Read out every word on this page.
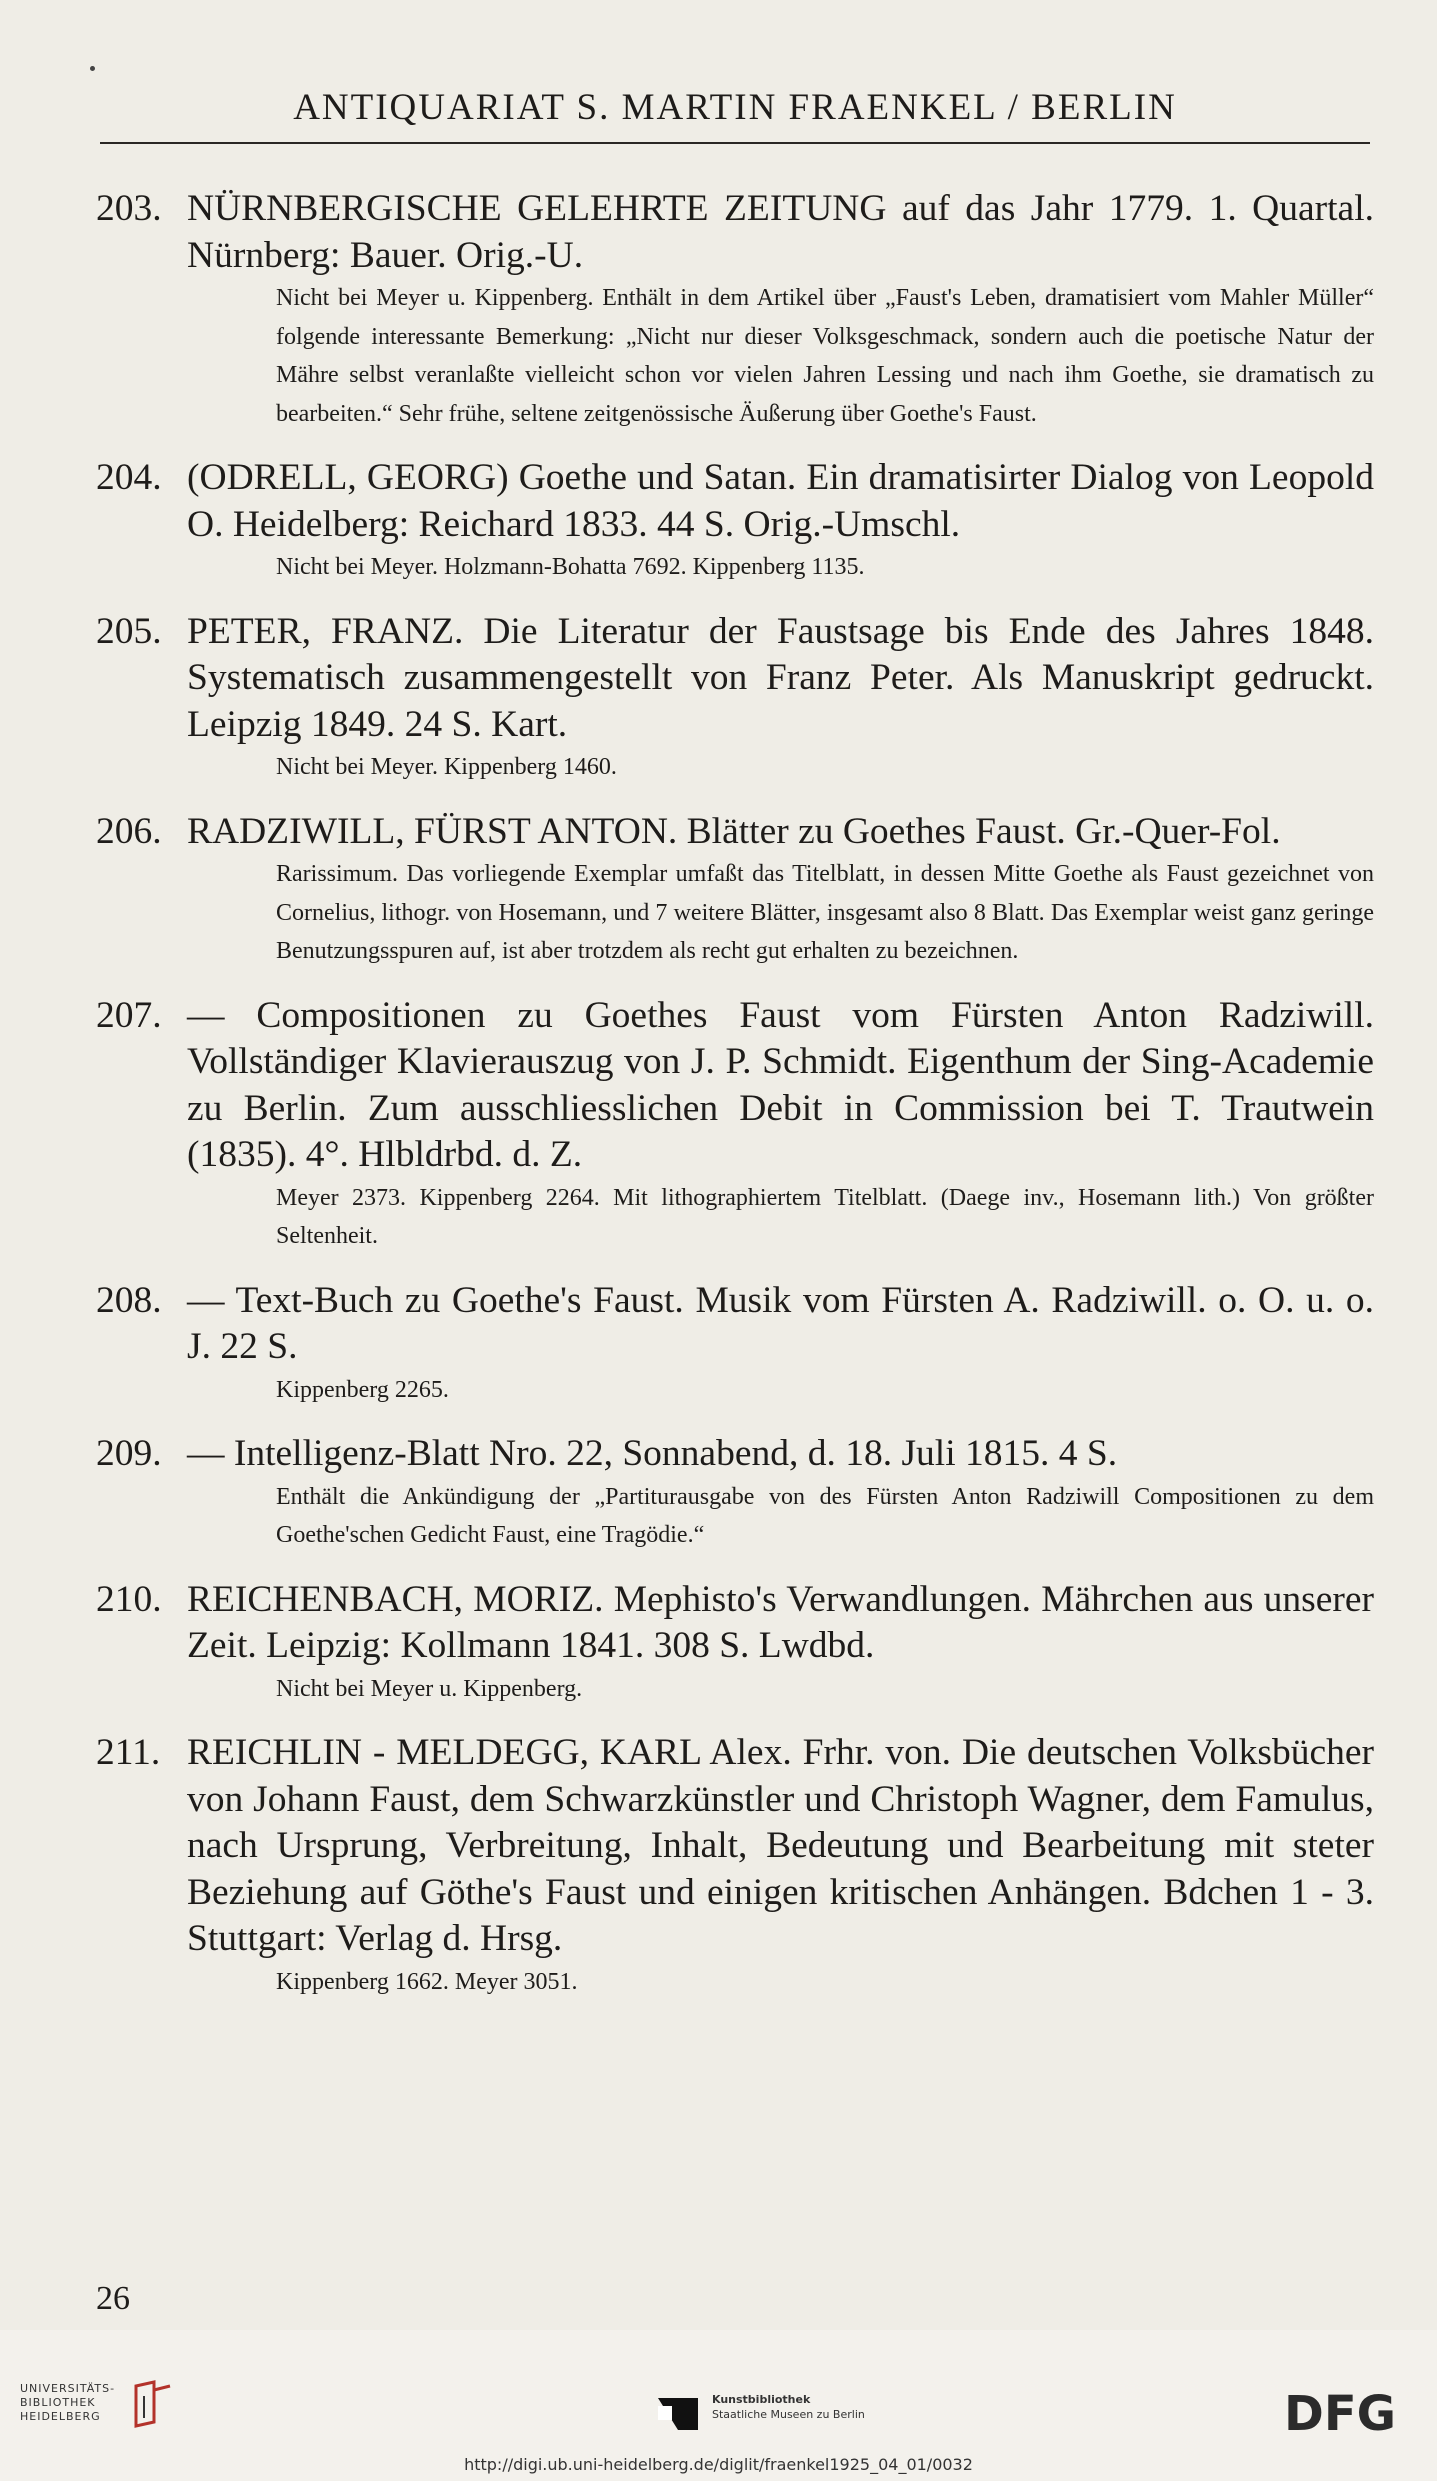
ANTIQUARIAT S. MARTIN FRAENKEL / BERLIN
203. NÜRNBERGISCHE GELEHRTE ZEITUNG auf das Jahr 1779. 1. Quartal. Nürnberg: Bauer. Orig.-U.
Nicht bei Meyer u. Kippenberg. Enthält in dem Artikel über „Faust's Leben, dramatisiert vom Mahler Müller“ folgende interessante Bemerkung: „Nicht nur dieser Volksgeschmack, sondern auch die poetische Natur der Mähre selbst veranlaßte vielleicht schon vor vielen Jahren Lessing und nach ihm Goethe, sie dramatisch zu bearbeiten.“ Sehr frühe, seltene zeitgenössische Äußerung über Goethe's Faust.
204. (ODRELL, GEORG) Goethe und Satan. Ein dramatisirter Dialog von Leopold O. Heidelberg: Reichard 1833. 44 S. Orig.-Umschl.
Nicht bei Meyer. Holzmann-Bohatta 7692. Kippenberg 1135.
205. PETER, FRANZ. Die Literatur der Faustsage bis Ende des Jahres 1848. Systematisch zusammengestellt von Franz Peter. Als Manuskript gedruckt. Leipzig 1849. 24 S. Kart.
Nicht bei Meyer. Kippenberg 1460.
206. RADZIWILL, FÜRST ANTON. Blätter zu Goethes Faust. Gr.-Quer-Fol.
Rarissimum. Das vorliegende Exemplar umfaßt das Titelblatt, in dessen Mitte Goethe als Faust gezeichnet von Cornelius, lithogr. von Hosemann, und 7 weitere Blätter, insgesamt also 8 Blatt. Das Exemplar weist ganz geringe Benutzungsspuren auf, ist aber trotzdem als recht gut erhalten zu bezeichnen.
207. — Compositionen zu Goethes Faust vom Fürsten Anton Radziwill. Vollständiger Klavierauszug von J. P. Schmidt. Eigenthum der Sing-Academie zu Berlin. Zum ausschliesslichen Debit in Commission bei T. Trautwein (1835). 4°. Hlbldrbd. d. Z.
Meyer 2373. Kippenberg 2264. Mit lithographiertem Titelblatt. (Daege inv., Hosemann lith.) Von größter Seltenheit.
208. — Text-Buch zu Goethe's Faust. Musik vom Fürsten A. Radziwill. o. O. u. o. J. 22 S.
Kippenberg 2265.
209. — Intelligenz-Blatt Nro. 22, Sonnabend, d. 18. Juli 1815. 4 S.
Enthält die Ankündigung der „Partiturausgabe von des Fürsten Anton Radziwill Compositionen zu dem Goethe'schen Gedicht Faust, eine Tragödie.“
210. REICHENBACH, MORIZ. Mephisto's Verwandlungen. Mährchen aus unserer Zeit. Leipzig: Kollmann 1841. 308 S. Lwdbd.
Nicht bei Meyer u. Kippenberg.
211. REICHLIN - MELDEGG, KARL Alex. Frhr. von. Die deutschen Volksbücher von Johann Faust, dem Schwarzkünstler und Christoph Wagner, dem Famulus, nach Ursprung, Verbreitung, Inhalt, Bedeutung und Bearbeitung mit steter Beziehung auf Göthe's Faust und einigen kritischen Anhängen. Bdchen 1 - 3. Stuttgart: Verlag d. Hrsg.
Kippenberg 1662. Meyer 3051.
26
UNIVERSITÄTS-
BIBLIOTHEK
HEIDELBERG
Kunstbibliothek
Staatliche Museen zu Berlin	DFG
http://digi.ub.uni-heidelberg.de/diglit/fraenkel1925_04_01/0032
